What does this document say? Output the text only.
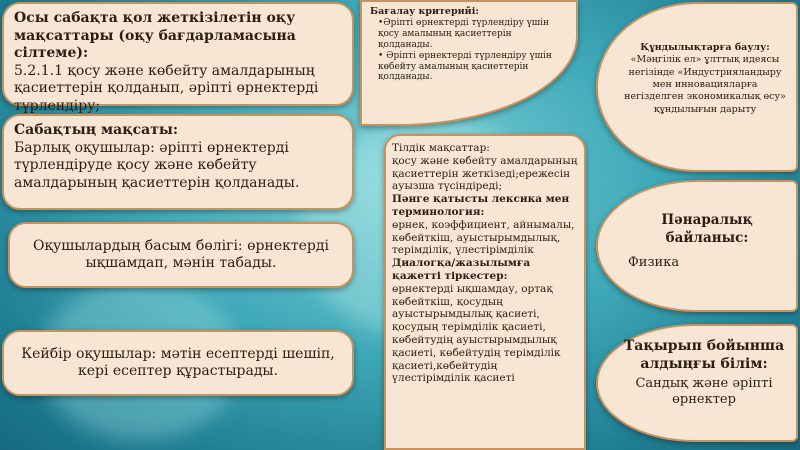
Осы сабақта қол жеткізілетін оқу мақсаттары (оқу бағдарламасына сілтеме):
5.2.1.1 қосу және көбейту амалдарының қасиеттерін қолданып, әріпті өрнектерді түрлендіру;
Сабақтың мақсаты:
Барлық оқушылар: әріпті өрнектерді түрлендіруде қосу және көбейту амалдарының қасиеттерін қолданады.
Оқушылардың басым бөлігі: өрнектерді ықшамдап, мәнін табады.
Кейбір оқушылар: мәтін есептерді шешіп, кері есептер құрастырады.
Бағалау критерийі:
•Әріпті өрнектерді түрлендіру үшін қосу амалының қасиеттерін қолданады.
• Әріпті өрнектерді түрлендіру үшін көбейту амалының қасиеттерін қолданады.
Құндылықтарға баулу:
«Мәңгілік ел» ұлттық идеясы негізінде «Индустрияландыру мен инновацияларға негізделген экономикалық өсу» құндылығын дарыту
Тілдік мақсаттар:
қосу және көбейту амалдарының қасиеттерін жеткізеді;ережесін ауызша түсіндіреді;
Пәнге қатысты лексика мен терминология:
өрнек, коэффициент, айнымалы, көбейткіш, ауыстырымдылық, терімділік, үлестірімділік
Диалогқа/жазылымға қажетті тіркестер:
өрнектерді ықшамдау, ортақ көбейткіш, қосудың ауыстырымдылық қасиеті, қосудың терімділік қасиеті, көбейтудің ауыстырымдылық қасиеті, көбейтудің терімділік қасиеті,көбейтудің үлестірімділік қасиеті
Пәнаралық байланыс:
Физика
Тақырып бойынша алдыңғы білім:
Сандық және әріпті өрнектер
